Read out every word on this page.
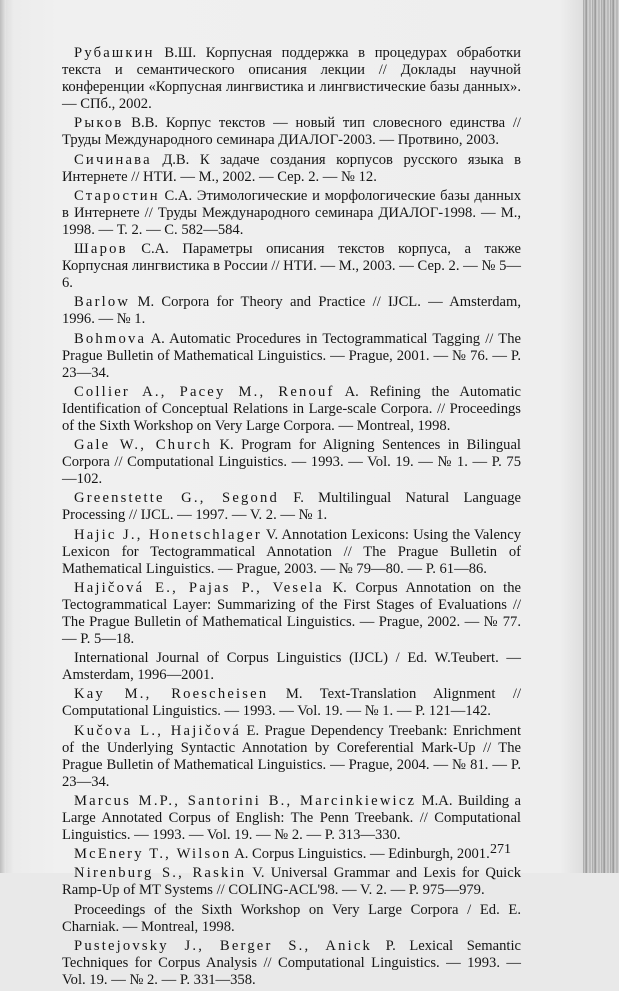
Рубашкин В.Ш. Корпусная поддержка в процедурах обработки текста и семантического описания лекции // Доклады научной конференции «Корпусная лингвистика и лингвистические базы данных». — СПб., 2002.

Рыков В.В. Корпус текстов — новый тип словесного единства // Труды Международного семинара ДИАЛОГ-2003. — Протвино, 2003.

Сичинава Д.В. К задаче создания корпусов русского языка в Интернете // НТИ. — М., 2002. — Сер. 2. — № 12.

Старостин С.А. Этимологические и морфологические базы данных в Интернете // Труды Международного семинара ДИАЛОГ-1998. — М., 1998. — Т. 2. — С. 582—584.

Шаров С.А. Параметры описания текстов корпуса, а также Корпусная лингвистика в России // НТИ. — М., 2003. — Сер. 2. — № 5—6.

Barlow M. Corpora for Theory and Practice // IJCL. — Amsterdam, 1996. — № 1.

Bohmova A. Automatic Procedures in Tectogrammatical Tagging // The Prague Bulletin of Mathematical Linguistics. — Prague, 2001. — № 76. — P. 23—34.

Collier A., Pacey M., Renouf A. Refining the Automatic Identification of Conceptual Relations in Large-scale Corpora. // Proceedings of the Sixth Workshop on Very Large Corpora. — Montreal, 1998.

Gale W., Church K. Program for Aligning Sentences in Bilingual Corpora // Computational Linguistics. — 1993. — Vol. 19. — № 1. — P. 75—102.

Greenstette G., Segond F. Multilingual Natural Language Processing // IJCL. — 1997. — V. 2. — № 1.

Hajic J., Honetschlager V. Annotation Lexicons: Using the Valency Lexicon for Tectogrammatical Annotation // The Prague Bulletin of Mathematical Linguistics. — Prague, 2003. — № 79—80. — P. 61—86.

Hajičová E., Pajas P., Vesela K. Corpus Annotation on the Tectogrammatical Layer: Summarizing of the First Stages of Evaluations // The Prague Bulletin of Mathematical Linguistics. — Prague, 2002. — № 77. — P. 5—18.

International Journal of Corpus Linguistics (IJCL) / Ed. W.Teubert. — Amsterdam, 1996—2001.

Kay M., Roescheisen M. Text-Translation Alignment // Computational Linguistics. — 1993. — Vol. 19. — № 1. — P. 121—142.

Kučova L., Hajičová E. Prague Dependency Treebank: Enrichment of the Underlying Syntactic Annotation by Coreferential Mark-Up // The Prague Bulletin of Mathematical Linguistics. — Prague, 2004. — № 81. — P. 23—34.

Marcus M.P., Santorini B., Marcinkiewicz M.A. Building a Large Annotated Corpus of English: The Penn Treebank. // Computational Linguistics. — 1993. — Vol. 19. — № 2. — P. 313—330.

McEnery T., Wilson A. Corpus Linguistics. — Edinburgh, 2001.

Nirenburg S., Raskin V. Universal Grammar and Lexis for Quick Ramp-Up of MT Systems // COLING-ACL'98. — V. 2. — P. 975—979.

Proceedings of the Sixth Workshop on Very Large Corpora / Ed. E. Charniak. — Montreal, 1998.

Pustejovsky J., Berger S., Anick P. Lexical Semantic Techniques for Corpus Analysis // Computational Linguistics. — 1993. — Vol. 19. — № 2. — P. 331—358.

271
